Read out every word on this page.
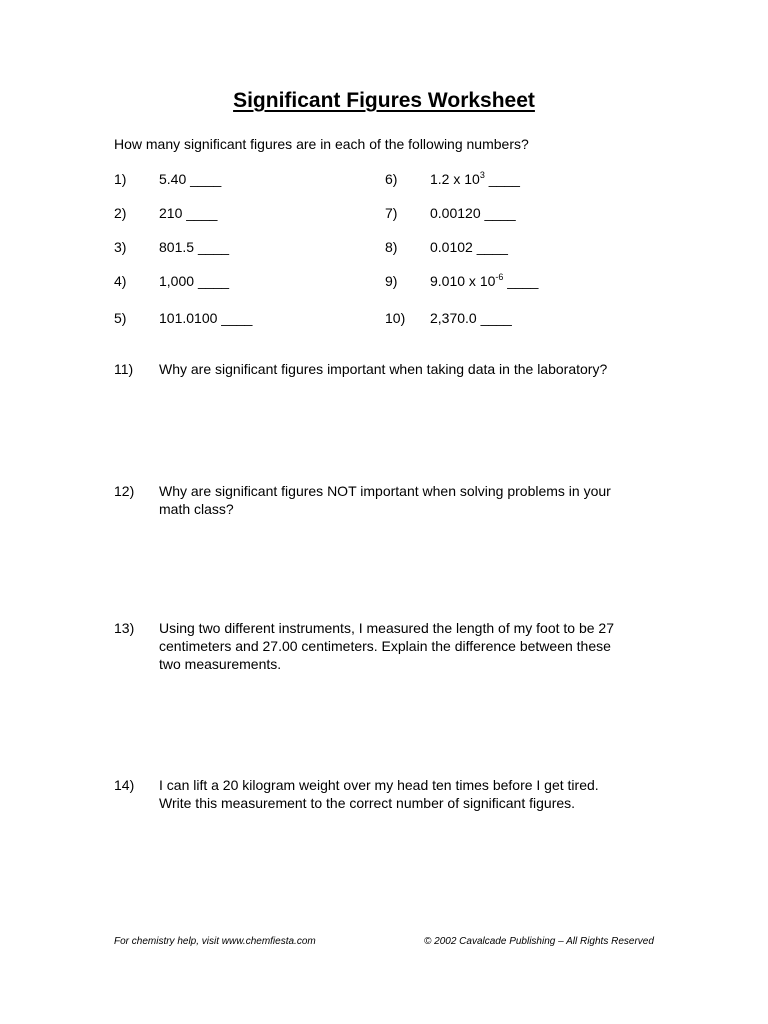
Significant Figures Worksheet
How many significant figures are in each of the following numbers?
1) 5.40 ____
2) 210 ____
3) 801.5 ____
4) 1,000 ____
5) 101.0100 ____
6) 1.2 x $10^3$ ____
7) 0.00120 ____
8) 0.0102 ____
9) 9.010 x $10^{-6}$ ____
10) 2,370.0 ____
11) Why are significant figures important when taking data in the laboratory?
12) Why are significant figures NOT important when solving problems in your
math class?
13) Using two different instruments, I measured the length of my foot to be 27
centimeters and 27.00 centimeters. Explain the difference between these
two measurements.
14) I can lift a 20 kilogram weight over my head ten times before I get tired.
Write this measurement to the correct number of significant figures.
For chemistry help, visit www.chemfiesta.com	© 2002 Cavalcade Publishing – All Rights Reserved
